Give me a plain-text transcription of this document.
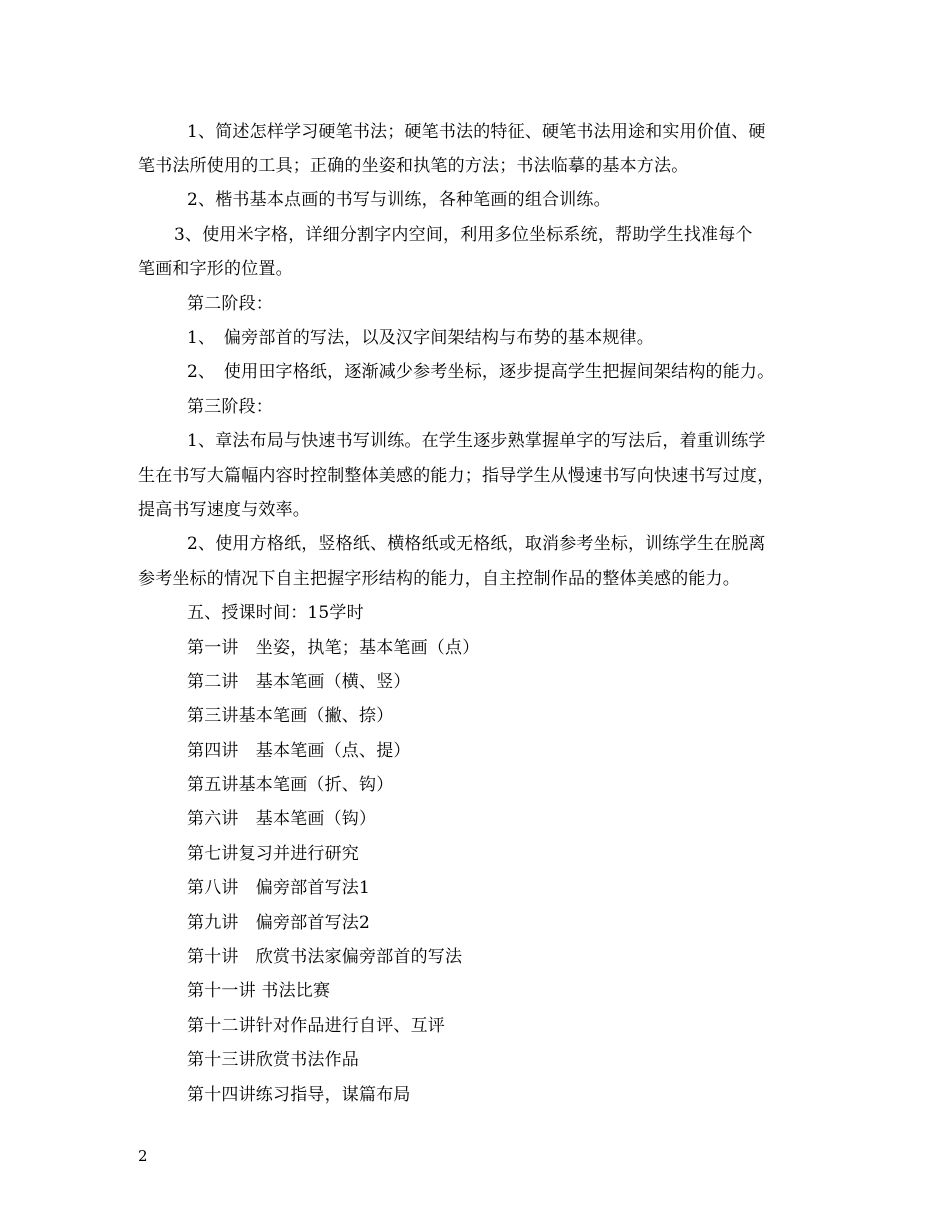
1、简述怎样学习硬笔书法；硬笔书法的特征、硬笔书法用途和实用价值、硬
笔书法所使用的工具；正确的坐姿和执笔的方法；书法临摹的基本方法。
2、楷书基本点画的书写与训练，各种笔画的组合训练。
3、使用米字格，详细分割字内空间，利用多位坐标系统，帮助学生找准每个
笔画和字形的位置。
第二阶段：
1、　偏旁部首的写法，以及汉字间架结构与布势的基本规律。
2、　使用田字格纸，逐渐减少参考坐标，逐步提高学生把握间架结构的能力。
第三阶段：
1、章法布局与快速书写训练。在学生逐步熟掌握单字的写法后，着重训练学
生在书写大篇幅内容时控制整体美感的能力；指导学生从慢速书写向快速书写过度，
提高书写速度与效率。
2、使用方格纸，竖格纸、横格纸或无格纸，取消参考坐标，训练学生在脱离
参考坐标的情况下自主把握字形结构的能力，自主控制作品的整体美感的能力。
五、授课时间：15学时
第一讲　坐姿，执笔；基本笔画（点）
第二讲　基本笔画（横、竖）
第三讲基本笔画（撇、捺）
第四讲　基本笔画（点、提）
第五讲基本笔画（折、钩）
第六讲　基本笔画（钩）
第七讲复习并进行研究
第八讲　偏旁部首写法1
第九讲　偏旁部首写法2
第十讲　欣赏书法家偏旁部首的写法
第十一讲 书法比赛
第十二讲针对作品进行自评、互评
第十三讲欣赏书法作品
第十四讲练习指导，谋篇布局
2
